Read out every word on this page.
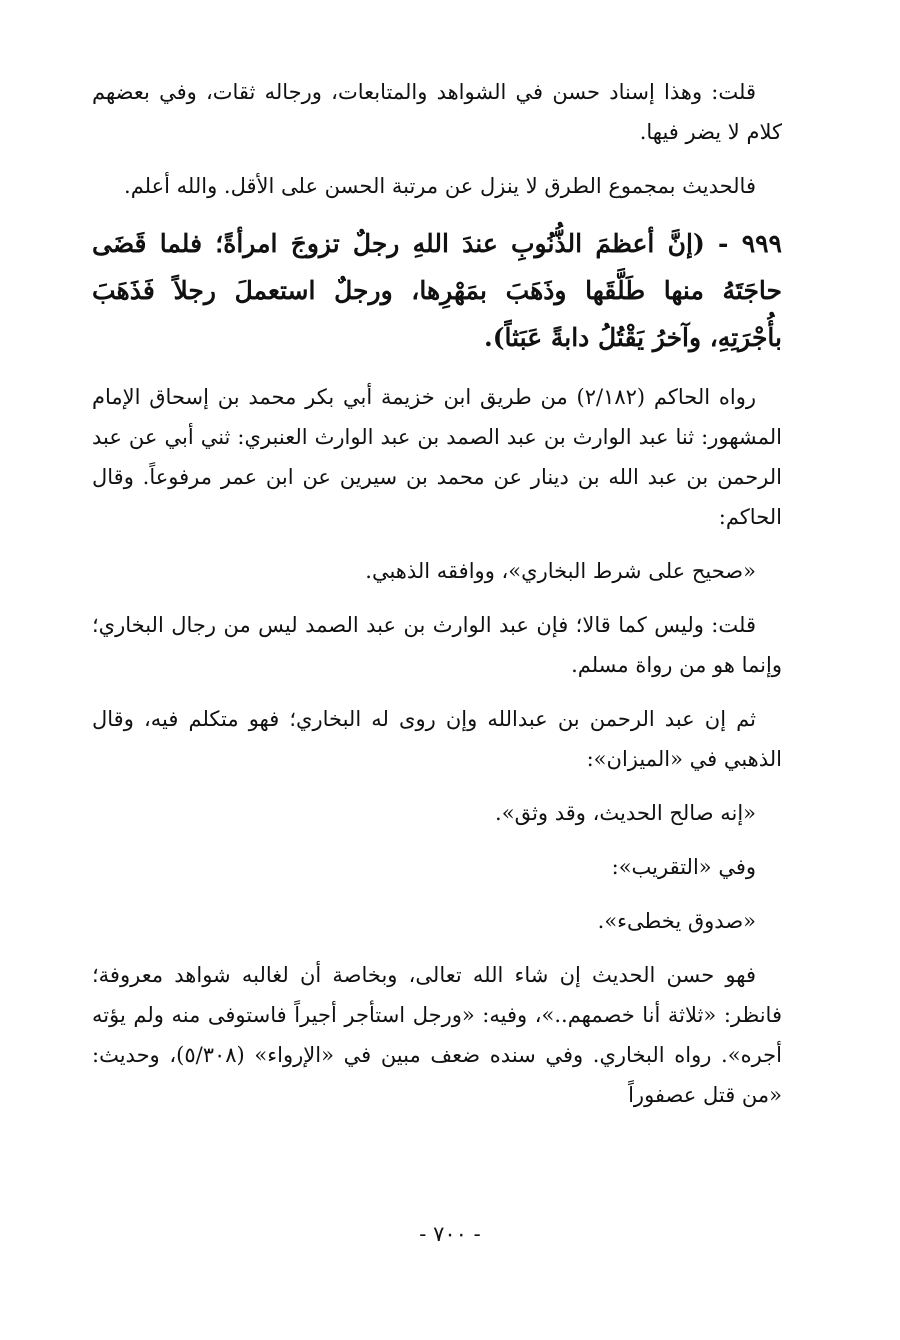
قلت: وهذا إسناد حسن في الشواهد والمتابعات، ورجاله ثقات، وفي بعضهم كلام لا يضر فيها.

فالحديث بمجموع الطرق لا ينزل عن مرتبة الحسن على الأقل. والله أعلم.

٩٩٩ - (إنَّ أعظمَ الذُّنُوبِ عندَ اللهِ رجلٌ تزوجَ امرأةً؛ فلما قَضَى حاجَتَهُ منها طَلَّقَها وذَهَبَ بمَهْرِها، ورجلٌ استعملَ رجلاً فَذَهَبَ بأُجْرَتِهِ، وآخرُ يَقْتُلُ دابةً عَبَثاً).

رواه الحاكم (٢/١٨٢) من طريق ابن خزيمة أبي بكر محمد بن إسحاق الإمام المشهور: ثنا عبد الوارث بن عبد الصمد بن عبد الوارث العنبري: ثني أبي عن عبد الرحمن بن عبد الله بن دينار عن محمد بن سيرين عن ابن عمر مرفوعاً. وقال الحاكم:

«صحيح على شرط البخاري»، ووافقه الذهبي.

قلت: وليس كما قالا؛ فإن عبد الوارث بن عبد الصمد ليس من رجال البخاري؛ وإنما هو من رواة مسلم.

ثم إن عبد الرحمن بن عبدالله وإن روى له البخاري؛ فهو متكلم فيه، وقال الذهبي في «الميزان»:

«إنه صالح الحديث، وقد وثق».

وفي «التقريب»:

«صدوق يخطىء».

فهو حسن الحديث إن شاء الله تعالى، وبخاصة أن لغالبه شواهد معروفة؛ فانظر: «ثلاثة أنا خصمهم..»، وفيه: «ورجل استأجر أجيراً فاستوفى منه ولم يؤته أجره». رواه البخاري. وفي سنده ضعف مبين في «الإرواء» (٥/٣٠٨)، وحديث: «من قتل عصفوراً

- ٧٠٠ -
